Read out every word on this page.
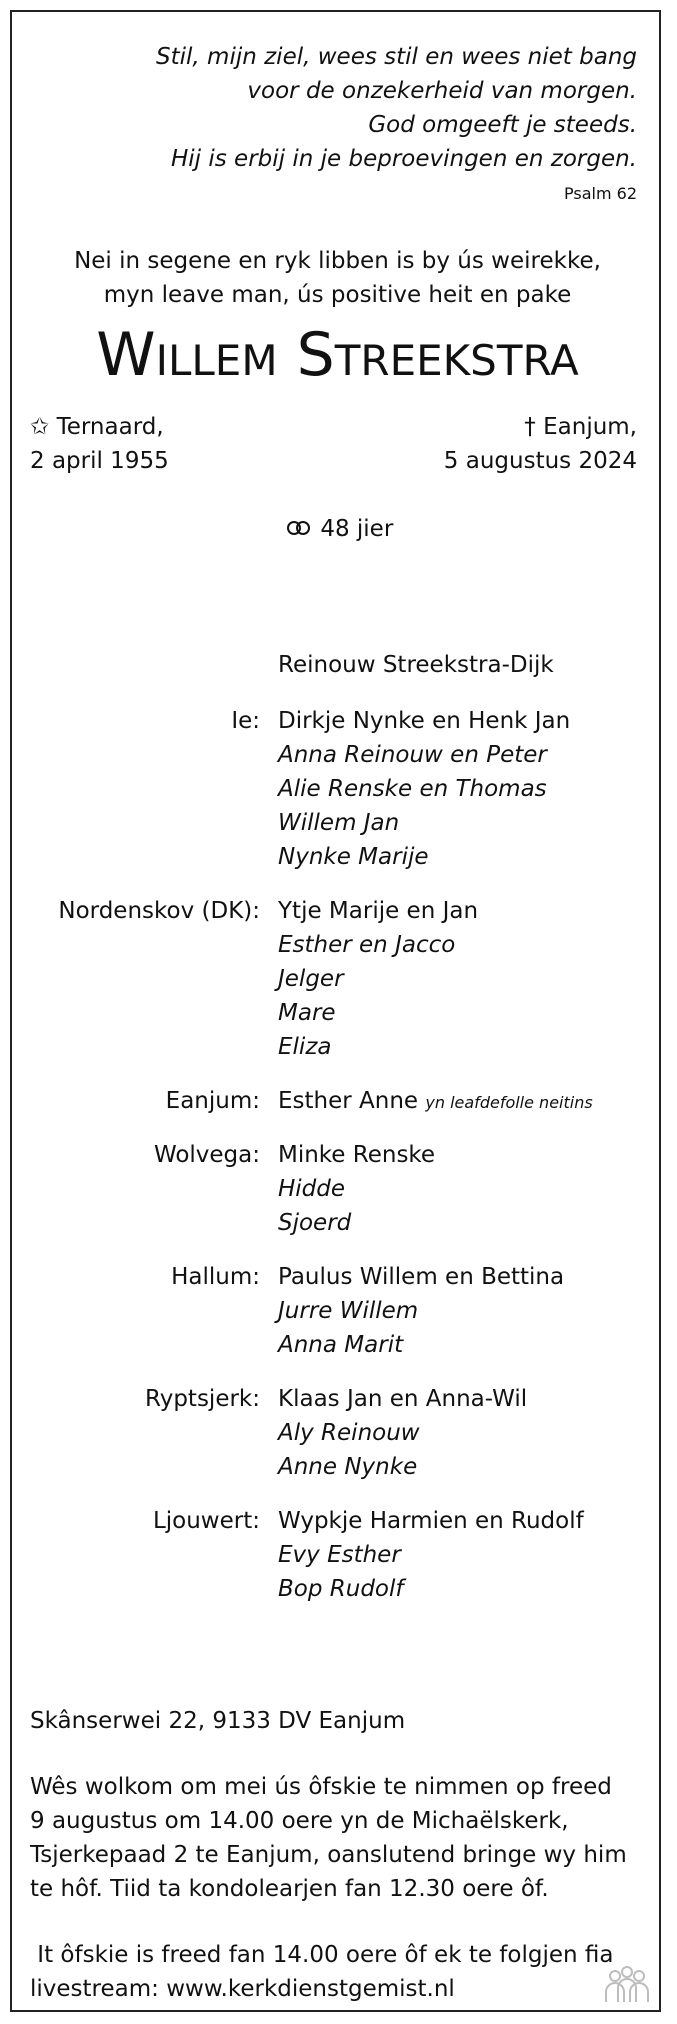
Stil, mijn ziel, wees stil en wees niet bang
voor de onzekerheid van morgen.
God omgeeft je steeds.
Hij is erbij in je beproevingen en zorgen.
Psalm 62
Nei in segene en ryk libben is by ús weirekke,
myn leave man, ús positive heit en pake
Willem Streekstra
✩ Ternaard,
2 april 1955
† Eanjum,
5 augustus 2024
48 jier
Reinouw Streekstra-Dijk
Ie: Dirkje Nynke en Henk Jan
Anna Reinouw en Peter
Alie Renske en Thomas
Willem Jan
Nynke Marije
Nordenskov (DK): Ytje Marije en Jan
Esther en Jacco
Jelger
Mare
Eliza
Eanjum: Esther Anne yn leafdefolle neitins
Wolvega: Minke Renske
Hidde
Sjoerd
Hallum: Paulus Willem en Bettina
Jurre Willem
Anna Marit
Ryptsjerk: Klaas Jan en Anna-Wil
Aly Reinouw
Anne Nynke
Ljouwert: Wypkje Harmien en Rudolf
Evy Esther
Bop Rudolf
Skânserwei 22, 9133 DV Eanjum
Wês wolkom om mei ús ôfskie te nimmen op freed
9 augustus om 14.00 oere yn de Michaëlskerk,
Tsjerkepaad 2 te Eanjum, oanslutend bringe wy him
te hôf. Tiid ta kondolearjen fan 12.30 oere ôf.
It ôfskie is freed fan 14.00 oere ôf ek te folgjen fia
livestream: www.kerkdienstgemist.nl
